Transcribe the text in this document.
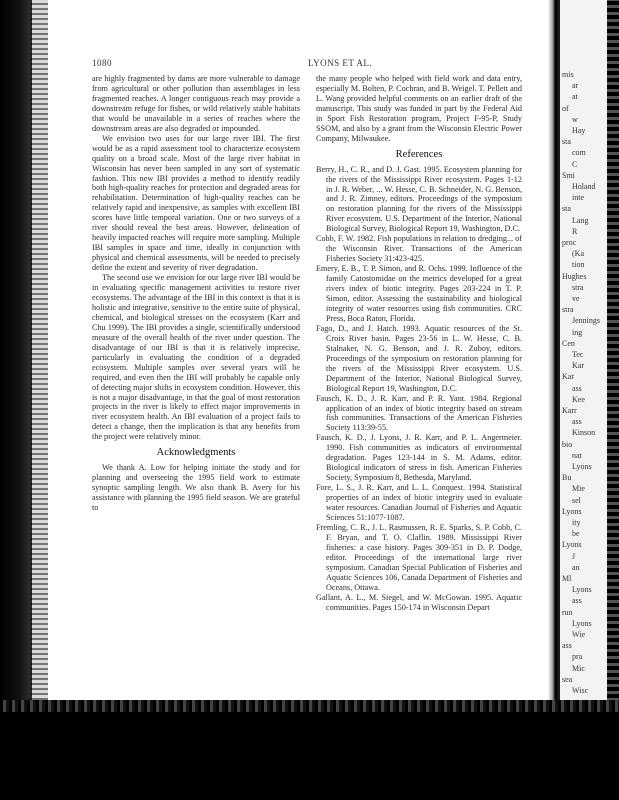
1080	LYONS ET AL.

are highly fragmented by dams are more vulnerable to damage from agricultural or other pollution than assemblages in less fragmented reaches. A longer contiguous reach may provide a downstream refuge for fishes, or wild relatively stable habitats that would be unavailable in a series of reaches where the downstream areas are also degraded or impounded.

We envision two uses for our large river IBI. The first would be as a rapid assessment tool to characterize ecosystem quality on a broad scale. Most of the large river habitat in Wisconsin has never been sampled in any sort of systematic fashion. This new IBI provides a method to identify readily both high-quality reaches for protection and degraded areas for rehabilitation. Determination of high-quality reaches can be relatively rapid and inexpensive, as samples with excellent IBI scores have little temporal variation. One or two surveys of a river should reveal the best areas. However, delineation of heavily impacted reaches will require more sampling. Multiple IBI samples in space and time, ideally in conjunction with physical and chemical assessments, will be needed to precisely define the extent and severity of river degradation.

The second use we envision for our large river IBI would be in evaluating specific management activities to restore river ecosystems. The advantage of the IBI in this context is that it is holistic and integrative, sensitive to the entire suite of physical, chemical, and biological stresses on the ecosystem (Karr and Chu 1999). The IBI provides a single, scientifically understood measure of the overall health of the river under question. The disadvantage of our IBI is that it is relatively imprecise, particularly in evaluating the condition of a degraded ecosystem. Multiple samples over several years will be required, and even then the IBI will probably be capable only of detecting major shifts in ecosystem condition. However, this is not a major disadvantage, in that the goal of most restoration projects in the river is likely to effect major improvements in river ecosystem health. An IBI evaluation of a project fails to detect a change, then the implication is that any benefits from the project were relatively minor.

Acknowledgments

We thank A. Low for helping initiate the study and for planning and overseeing the 1995 field work to estimate synoptic sampling length. We also thank B. Avery for his assistance with planning the 1995 field season. We are grateful to

the many people who helped with field work and data entry, especially M. Bolten, P. Cochran, and B. Weigel. T. Pellett and L. Wang provided helpful comments on an earlier draft of the manuscript. This study was funded in part by the Federal Aid in Sport Fish Restoration program, Project F-95-P, Study SSOM, and also by a grant from the Wisconsin Electric Power Company, Milwaukee.

References

Berry, H., C. R., and D. J. Gast. 1995. Ecosystem planning for the rivers of the Mississippi River ecosystem. Pages 1-12 in J. R. Weber, ... W. Hesse, C. B. Schneider, N. G. Benson, and J. R. Zimney, editors. Proceedings of the symposium on restoration planning for the rivers of the Mississippi River ecosystem. U.S. Department of the Interior, National Biological Survey, Biological Report 19, Washington, D.C.

Cobb, F. W. 1982. Fish populations in relation to dredging... of the Wisconsin River. Transactions of the American Fisheries Society 31:423-425.

Emery, E. B., T. P. Simon, and R. Ochs. 1999. Influence of the family Catostomidae on the metrics developed for a great rivers index of biotic integrity. Pages 203-224 in T. P. Simon, editor. Assessing the sustainability and biological integrity of water resources using fish communities. CRC Press, Boca Raton, Florida.

Fago, D., and J. Hatch. 1993. Aquatic resources of the St. Croix River basin. Pages 23-56 in L. W. Hesse, C. B. Stalnaker, N. G. Benson, and J. R. Zuboy, editors. Proceedings of the symposium on restoration planning for the rivers of the Mississippi River ecosystem. U.S. Department of the Interior, National Biological Survey, Biological Report 19, Washington, D.C.

Fausch, K. D., J. R. Karr, and P. R. Yant. 1984. Regional application of an index of biotic integrity based on stream fish communities. Transactions of the American Fisheries Society 113:39-55.

Fausch, K. D., J. Lyons, J. R. Karr, and P. L. Angermeier. 1990. Fish communities as indicators of environmental degradation. Pages 123-144 in S. M. Adams, editor. Biological indicators of stress in fish. American Fisheries Society, Symposium 8, Bethesda, Maryland.

Fore, L. S., J. R. Karr, and L. L. Conquest. 1994. Statistical properties of an index of biotic integrity used to evaluate water resources. Canadian Journal of Fisheries and Aquatic Sciences 51:1077-1087.

Fremling, C. R., J. L. Rasmussen, R. E. Sparks, S. P. Cobb, C. F. Bryan, and T. O. Claflin. 1989. Mississippi River fisheries: a case history. Pages 309-351 in D. P. Dodge, editor. Proceedings of the international large river symposium. Canadian Special Publication of Fisheries and Aquatic Sciences 106, Canada Department of Fisheries and Oceans, Ottawa.

Gallant, A. L., M. Siegel, and W. McGowan. 1995. Aquatic communities. Pages 150-174 in Wisconsin Depart

mis
ar
at
of
w
Hay
sta
com
C
Smi
Holand
inte
sta
Lang
R
proc
(Ka
tion
Hughes
stra
ve
stra
Jennings
ing
Cen
Tec
Kar
Kar
ass
Kee
Karr
ass
Kinson
bio
nat
Lyons
Bu
Mie
sel
Lyons
ity
be
Lyons
J
an
Ml
Lyons
ass
run
Lyons
Wie
ass
pra
Mic
sea
Wisc
